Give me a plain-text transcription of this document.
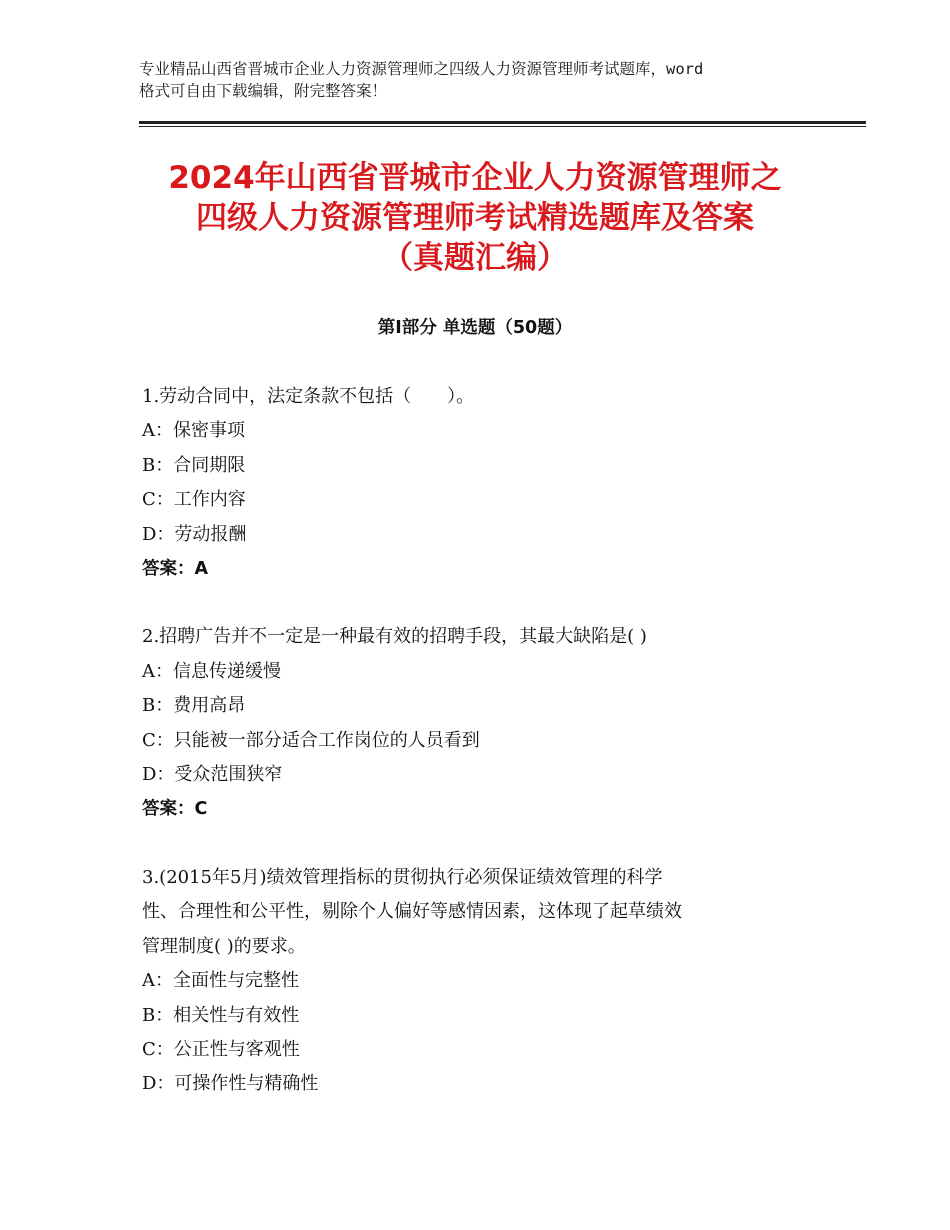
专业精品山西省晋城市企业人力资源管理师之四级人力资源管理师考试题库，word
格式可自由下载编辑，附完整答案！
2024年山西省晋城市企业人力资源管理师之
四级人力资源管理师考试精选题库及答案
（真题汇编）
第Ⅰ部分 单选题（50题）

1.劳动合同中，法定条款不包括（　　）。

A：保密事项

B：合同期限

C：工作内容

D：劳动报酬

答案：A

2.招聘广告并不一定是一种最有效的招聘手段，其最大缺陷是( )

A：信息传递缓慢

B：费用高昂

C：只能被一部分适合工作岗位的人员看到

D：受众范围狭窄

答案：C

3.(2015年5月)绩效管理指标的贯彻执行必须保证绩效管理的科学

性、合理性和公平性，剔除个人偏好等感情因素，这体现了起草绩效

管理制度( )的要求。

A：全面性与完整性

B：相关性与有效性

C：公正性与客观性

D：可操作性与精确性
